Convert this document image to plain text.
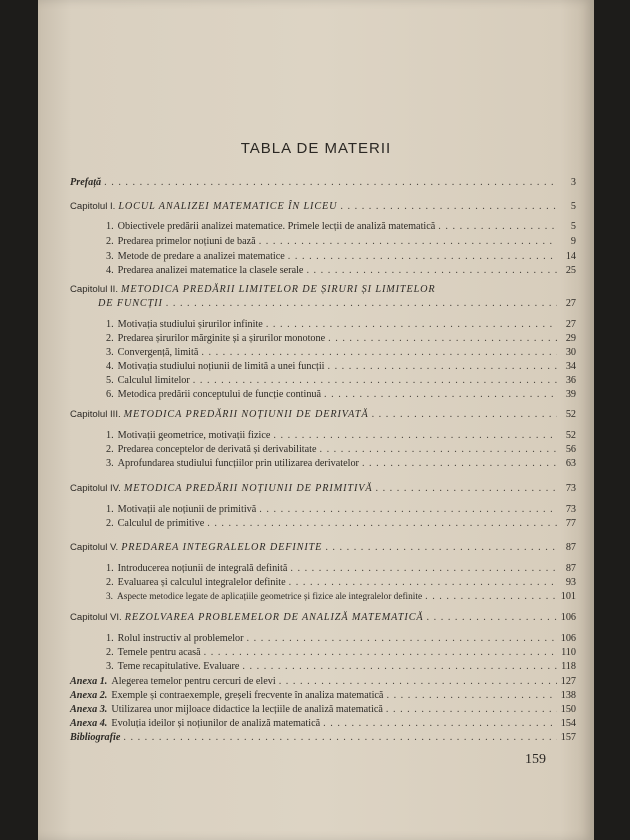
TABLA DE MATERII
Prefață . . .	3
Capitolul I. LOCUL ANALIZEI MATEMATICE ÎN LICEU . . .	5
1. Obiectivele predării analizei matematice. Primele lecții de analiză matematică . . .	5
2. Predarea primelor noțiuni de bază . . .	9
3. Metode de predare a analizei matematice . . .	14
4. Predarea analizei matematice la clasele serale . . .	25
Capitolul II. METODICA PREDĂRII LIMITELOR DE ȘIRURI ȘI LIMITELOR
DE FUNCȚII . . .	27
1. Motivația studiului șirurilor infinite . . .	27
2. Predarea șirurilor mărginite și a șirurilor monotone . . .	29
3. Convergență, limită . . .	30
4. Motivația studiului noțiunii de limită a unei funcții . . .	34
5. Calculul limitelor . . .	36
6. Metodica predării conceptului de funcție continuă . . .	39
Capitolul III. METODICA PREDĂRII NOȚIUNII DE DERIVATĂ . . .	52
1. Motivații geometrice, motivații fizice . . .	52
2. Predarea conceptelor de derivată și derivabilitate . . .	56
3. Aprofundarea studiului funcțiilor prin utilizarea derivatelor . . .	63
Capitolul IV. METODICA PREDĂRII NOȚIUNII DE PRIMITIVĂ . . .	73
1. Motivații ale noțiunii de primitivă . . .	73
2. Calculul de primitive . . .	77
Capitolul V. PREDAREA INTEGRALELOR DEFINITE . . .	87
1. Introducerea noțiunii de integrală definită . . .	87
2. Evaluarea și calculul integralelor definite . . .	93
3. Aspecte metodice legate de aplicațiile geometrice și fizice ale integralelor definite . . .	101
Capitolul VI. REZOLVAREA PROBLEMELOR DE ANALIZĂ MATEMATICĂ . . .	106
1. Rolul instructiv al problemelor . . .	106
2. Temele pentru acasă . . .	110
3. Teme recapitulative. Evaluare . . .	118
Anexa 1. Alegerea temelor pentru cercuri de elevi . . .	127
Anexa 2. Exemple și contraexemple, greșeli frecvente în analiza matematică . . .	138
Anexa 3. Utilizarea unor mijloace didactice la lecțiile de analiză matematică . . .	150
Anexa 4. Evoluția ideilor și noțiunilor de analiză matematică . . .	154
Bibliografie . . .	157
159
